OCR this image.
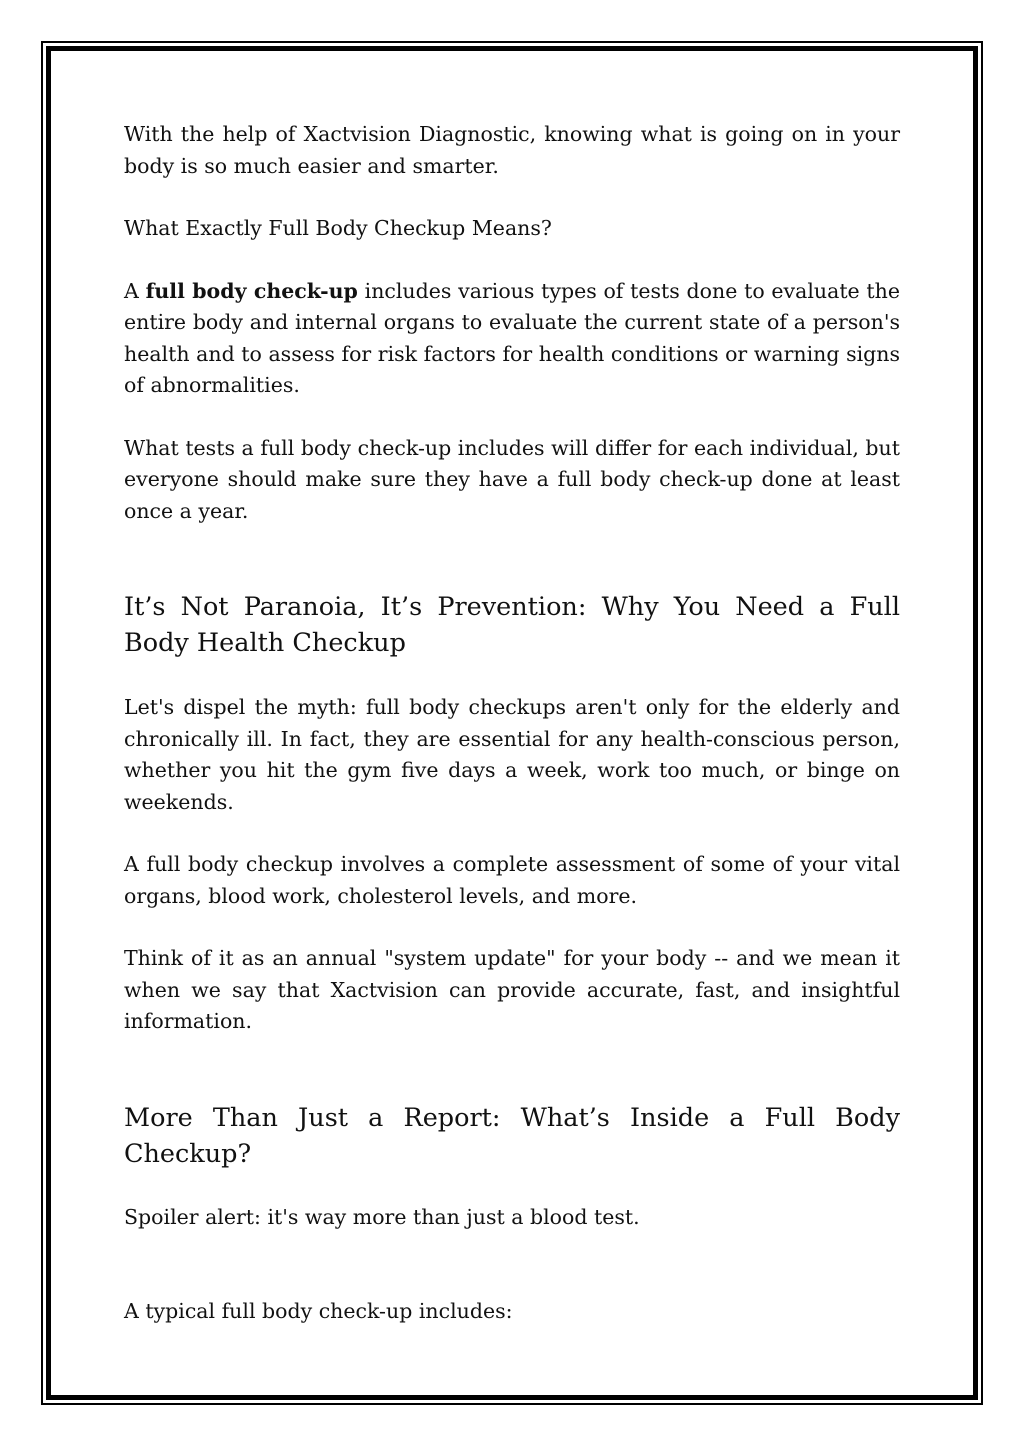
With the help of Xactvision Diagnostic, knowing what is going on in your body is so much easier and smarter.

What Exactly Full Body Checkup Means?

A full body check-up includes various types of tests done to evaluate the entire body and internal organs to evaluate the current state of a person's health and to assess for risk factors for health conditions or warning signs of abnormalities.

What tests a full body check-up includes will differ for each individual, but everyone should make sure they have a full body check-up done at least once a year.

It’s Not Paranoia, It’s Prevention: Why You Need a Full Body Health Checkup

Let's dispel the myth: full body checkups aren't only for the elderly and chronically ill. In fact, they are essential for any health-conscious person, whether you hit the gym five days a week, work too much, or binge on weekends.

A full body checkup involves a complete assessment of some of your vital organs, blood work, cholesterol levels, and more.

Think of it as an annual "system update" for your body -- and we mean it when we say that Xactvision can provide accurate, fast, and insightful information.

More Than Just a Report: What’s Inside a Full Body Checkup?

Spoiler alert: it's way more than just a blood test.

A typical full body check-up includes:
